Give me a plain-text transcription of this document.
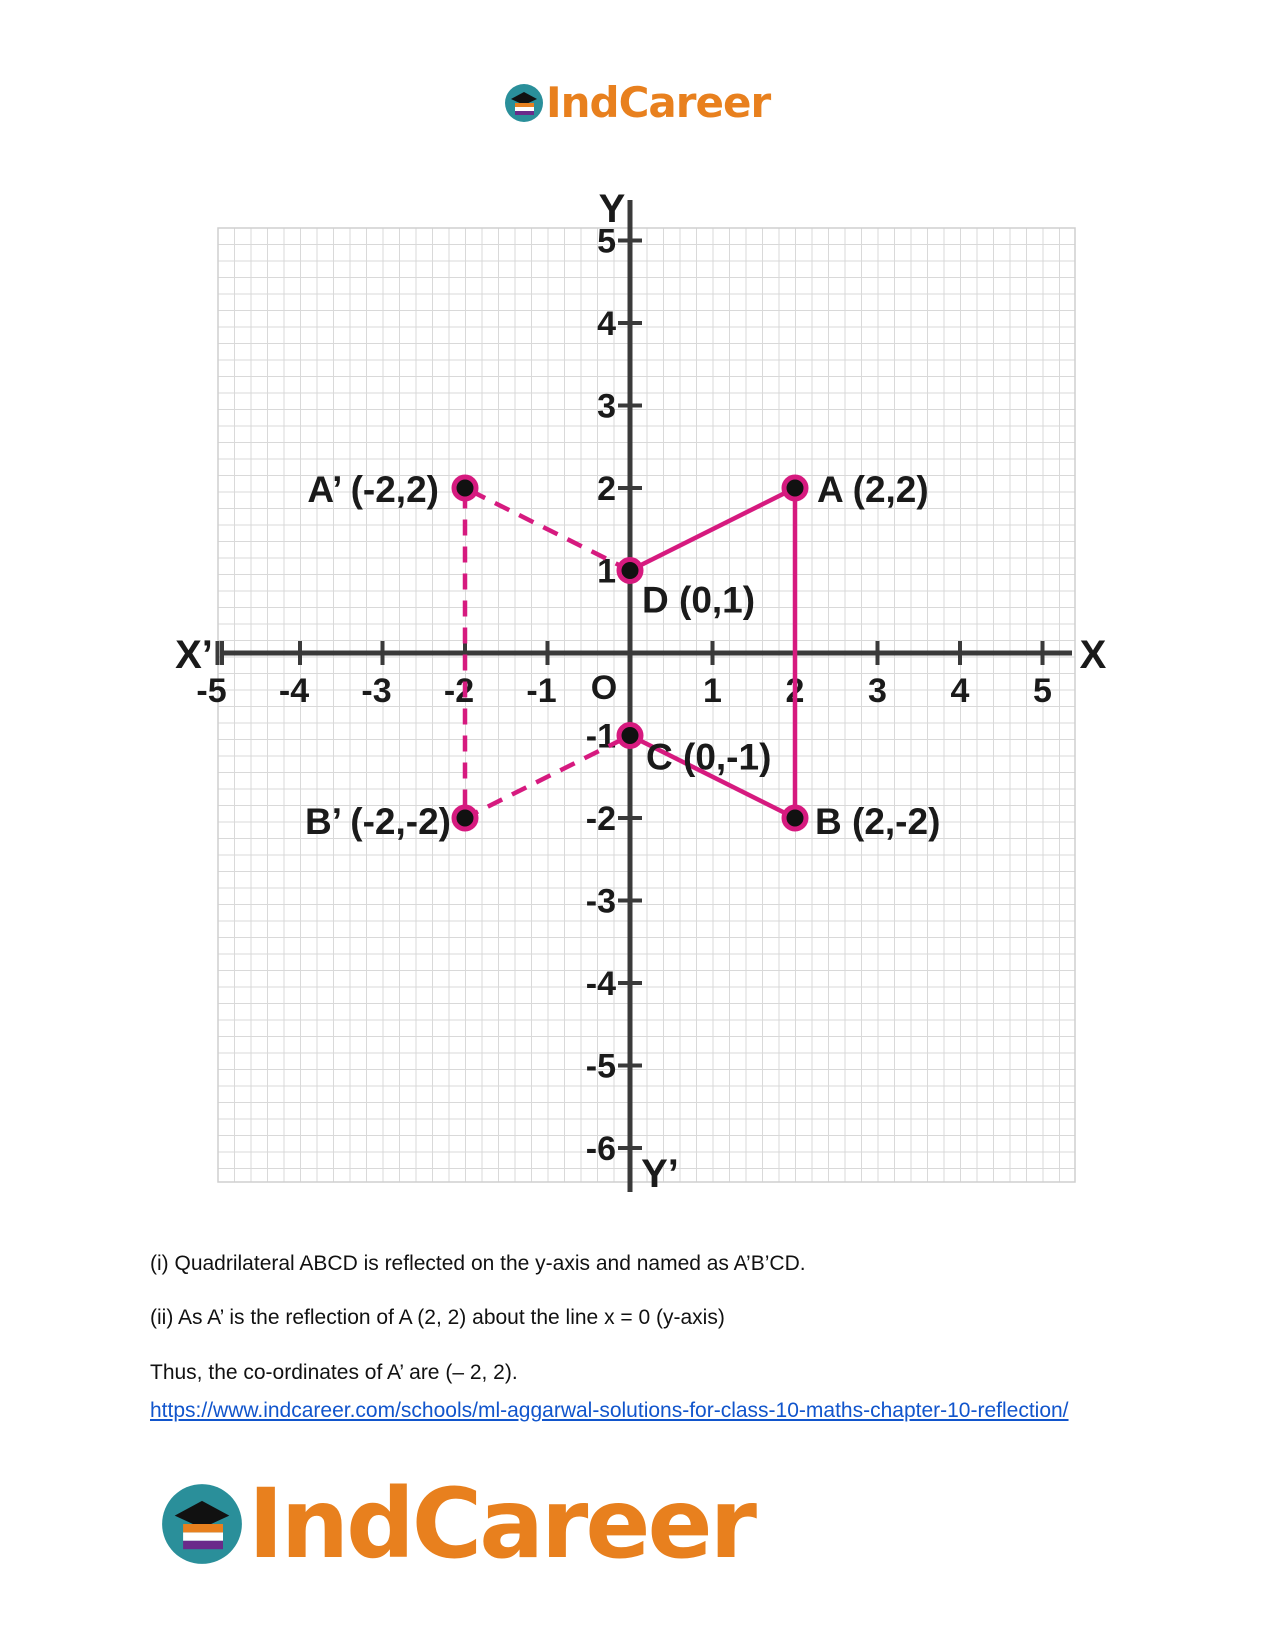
IndCareer
-5 -4 -3 -2 -1	1 2 3 4 5
5
4
3
2
1
-1
-2
-3
-4
-5
-6
Y
Y’
X
X’
O
A (2,2)
B (2,-2)
C (0,-1)
D (0,1)
A’ (-2,2)
B’ (-2,-2)
(i) Quadrilateral ABCD is reflected on the y-axis and named as A’B’CD.
(ii) As A’ is the reflection of A (2, 2) about the line x = 0 (y-axis)
Thus, the co-ordinates of A’ are (– 2, 2).
https://www.indcareer.com/schools/ml-aggarwal-solutions-for-class-10-maths-chapter-10-reflection/
IndCareer
